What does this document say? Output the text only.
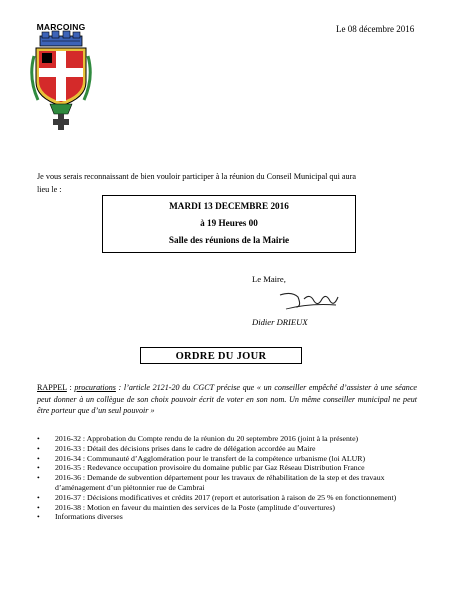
MARCOING	Le 08 décembre 2016
Je vous serais reconnaissant de bien vouloir participer à la réunion du Conseil Municipal qui aura
lieu le :
MARDI 13 DECEMBRE 2016
à 19 Heures 00
Salle des réunions de la Mairie
Le Maire,
Didier DRIEUX
ORDRE DU JOUR
RAPPEL : procurations : l’article 2121-20 du CGCT précise que « un conseiller empêché d’assister à une séance peut donner à un collègue de son choix pouvoir écrit de voter en son nom. Un même conseiller municipal ne peut être porteur que d’un seul pouvoir »
• 2016-32 : Approbation du Compte rendu de la réunion du 20 septembre 2016 (joint à la présente)
• 2016-33 : Détail des décisions prises dans le cadre de délégation accordée au Maire
• 2016-34 : Communauté d’Agglomération pour le transfert de la compétence urbanisme (loi ALUR)
• 2016-35 : Redevance occupation provisoire du domaine public par Gaz Réseau Distribution France
• 2016-36 : Demande de subvention département pour les travaux de réhabilitation de la step et des travaux d’aménagement d’un piétonnier rue de Cambrai
• 2016-37 : Décisions modificatives et crédits 2017 (report et autorisation à raison de 25 % en fonctionnement)
• 2016-38 : Motion en faveur du maintien des services de la Poste (amplitude d’ouvertures)
• Informations diverses
